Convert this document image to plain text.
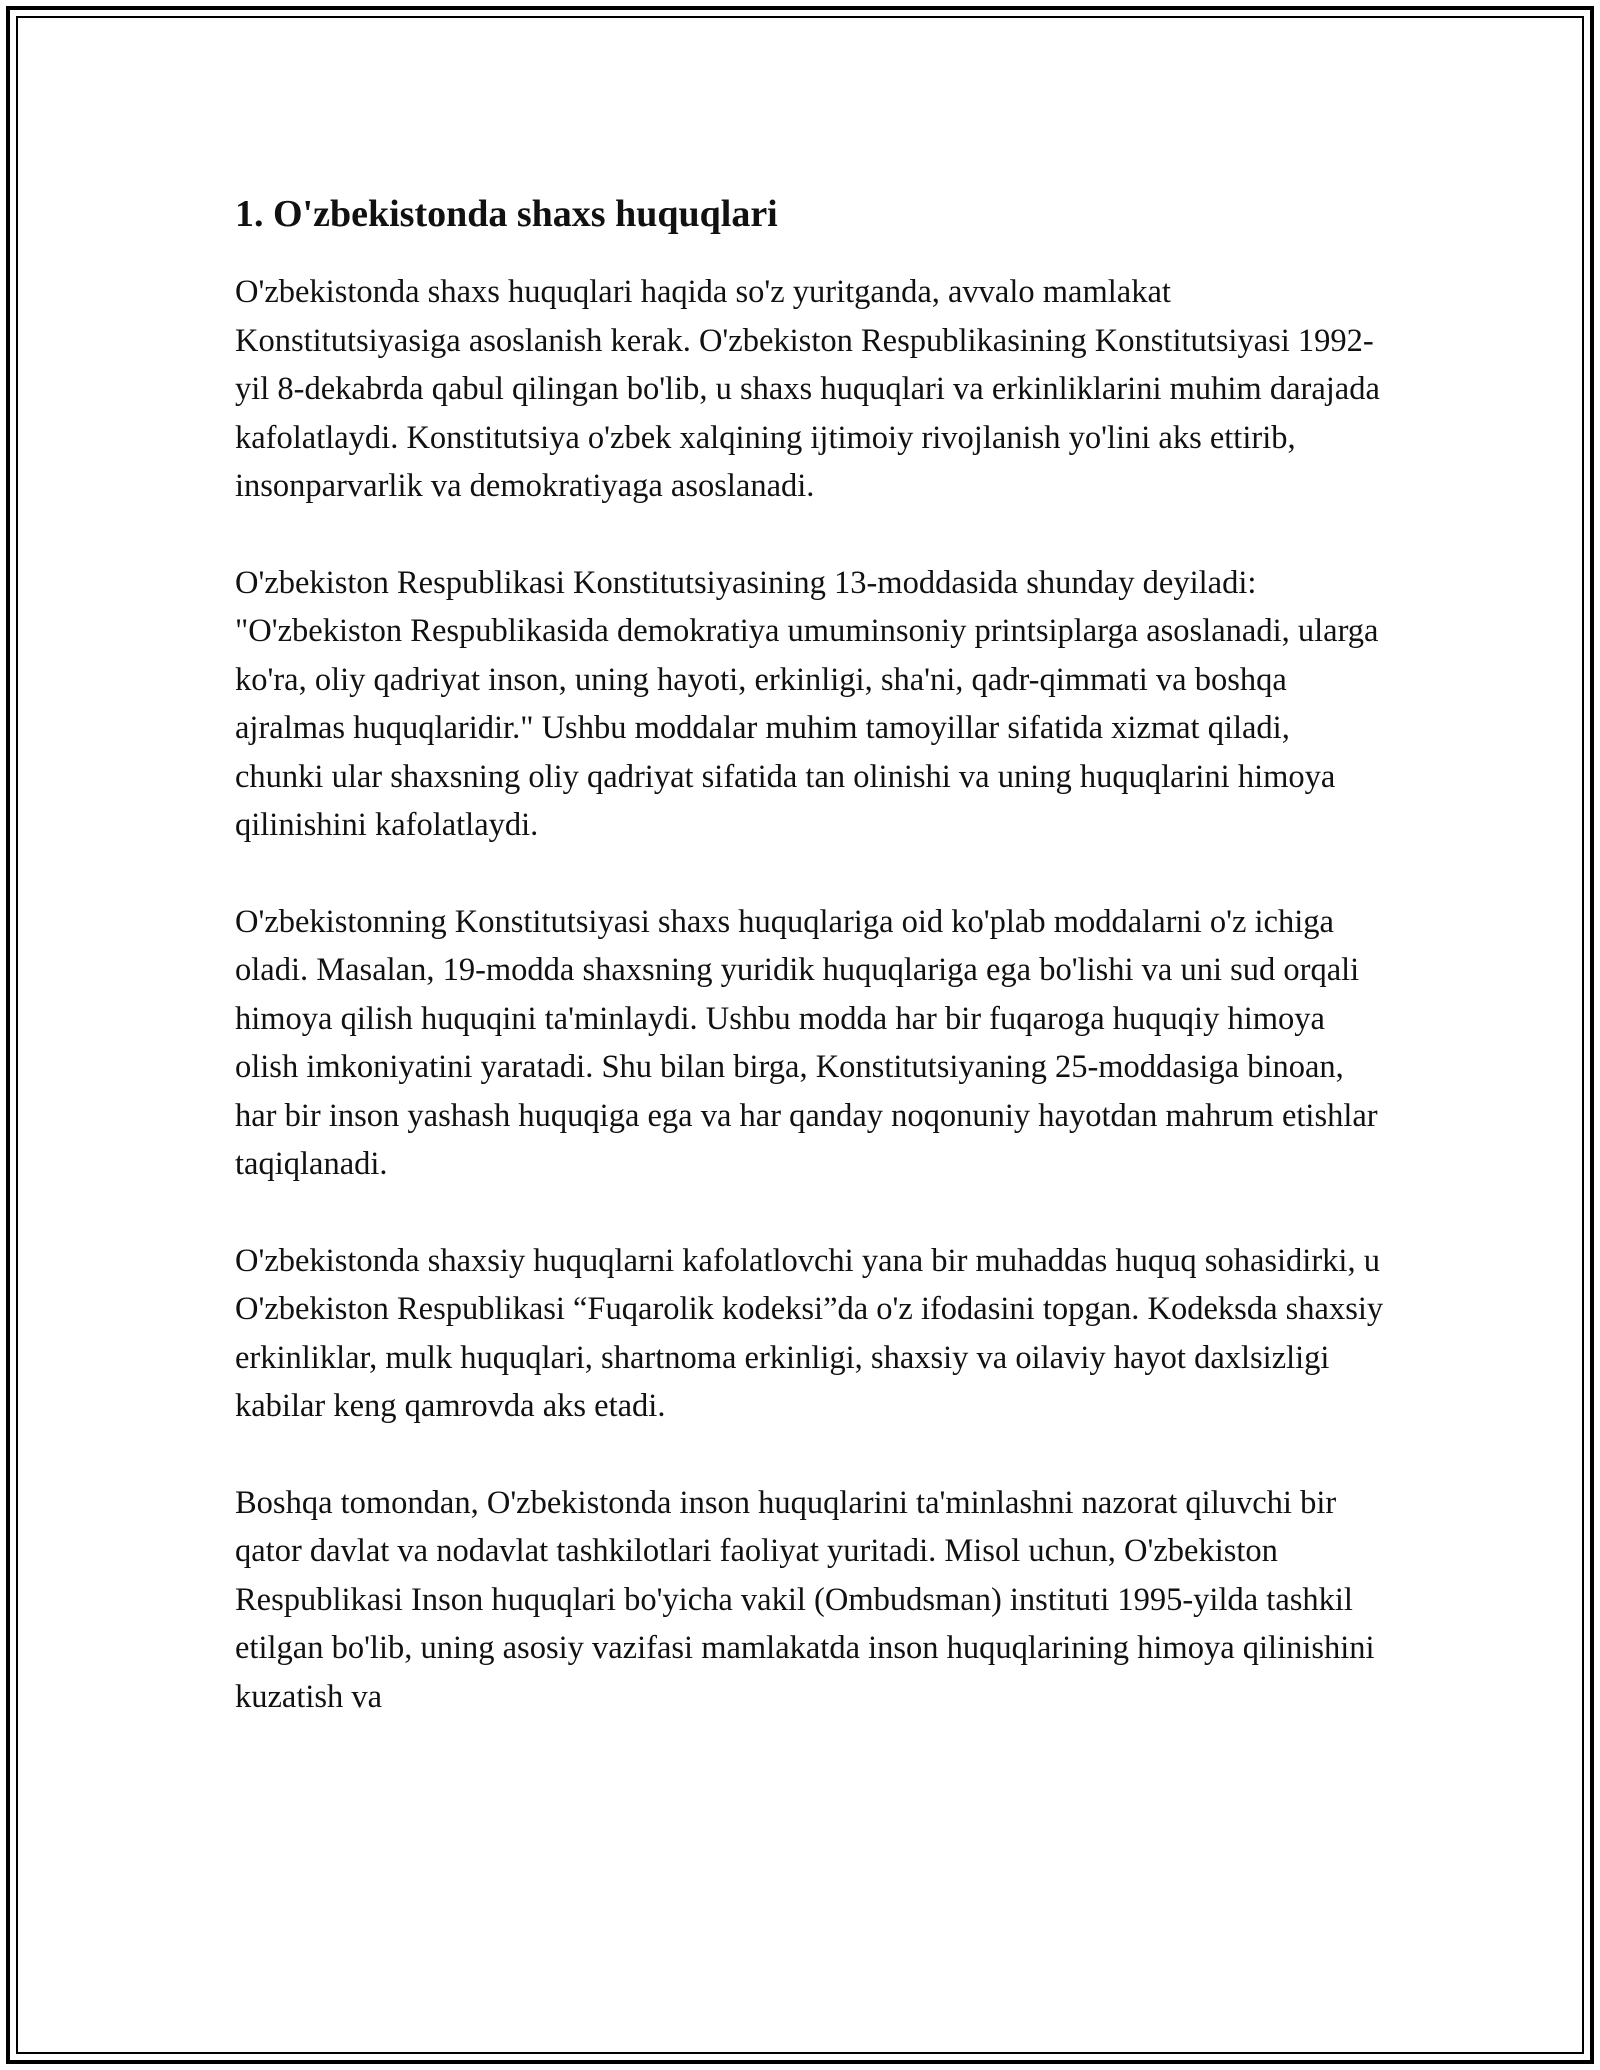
1. O'zbekistonda shaxs huquqlari

O'zbekistonda shaxs huquqlari haqida so'z yuritganda, avvalo mamlakat Konstitutsiyasiga asoslanish kerak. O'zbekiston Respublikasining Konstitutsiyasi 1992-yil 8-dekabrda qabul qilingan bo'lib, u shaxs huquqlari va erkinliklarini muhim darajada kafolatlaydi. Konstitutsiya o'zbek xalqining ijtimoiy rivojlanish yo'lini aks ettirib, insonparvarlik va demokratiyaga asoslanadi.

O'zbekiston Respublikasi Konstitutsiyasining 13-moddasida shunday deyiladi: "O'zbekiston Respublikasida demokratiya umuminsoniy printsiplarga asoslanadi, ularga ko'ra, oliy qadriyat inson, uning hayoti, erkinligi, sha'ni, qadr-qimmati va boshqa ajralmas huquqlaridir." Ushbu moddalar muhim tamoyillar sifatida xizmat qiladi, chunki ular shaxsning oliy qadriyat sifatida tan olinishi va uning huquqlarini himoya qilinishini kafolatlaydi.

O'zbekistonning Konstitutsiyasi shaxs huquqlariga oid ko'plab moddalarni o'z ichiga oladi. Masalan, 19-modda shaxsning yuridik huquqlariga ega bo'lishi va uni sud orqali himoya qilish huquqini ta'minlaydi. Ushbu modda har bir fuqaroga huquqiy himoya olish imkoniyatini yaratadi. Shu bilan birga, Konstitutsiyaning 25-moddasiga binoan, har bir inson yashash huquqiga ega va har qanday noqonuniy hayotdan mahrum etishlar taqiqlanadi.

O'zbekistonda shaxsiy huquqlarni kafolatlovchi yana bir muhaddas huquq sohasidirki, u O'zbekiston Respublikasi “Fuqarolik kodeksi”da o'z ifodasini topgan. Kodeksda shaxsiy erkinliklar, mulk huquqlari, shartnoma erkinligi, shaxsiy va oilaviy hayot daxlsizligi kabilar keng qamrovda aks etadi.

Boshqa tomondan, O'zbekistonda inson huquqlarini ta'minlashni nazorat qiluvchi bir qator davlat va nodavlat tashkilotlari faoliyat yuritadi. Misol uchun, O'zbekiston Respublikasi Inson huquqlari bo'yicha vakil (Ombudsman) instituti 1995-yilda tashkil etilgan bo'lib, uning asosiy vazifasi mamlakatda inson huquqlarining himoya qilinishini kuzatish va
